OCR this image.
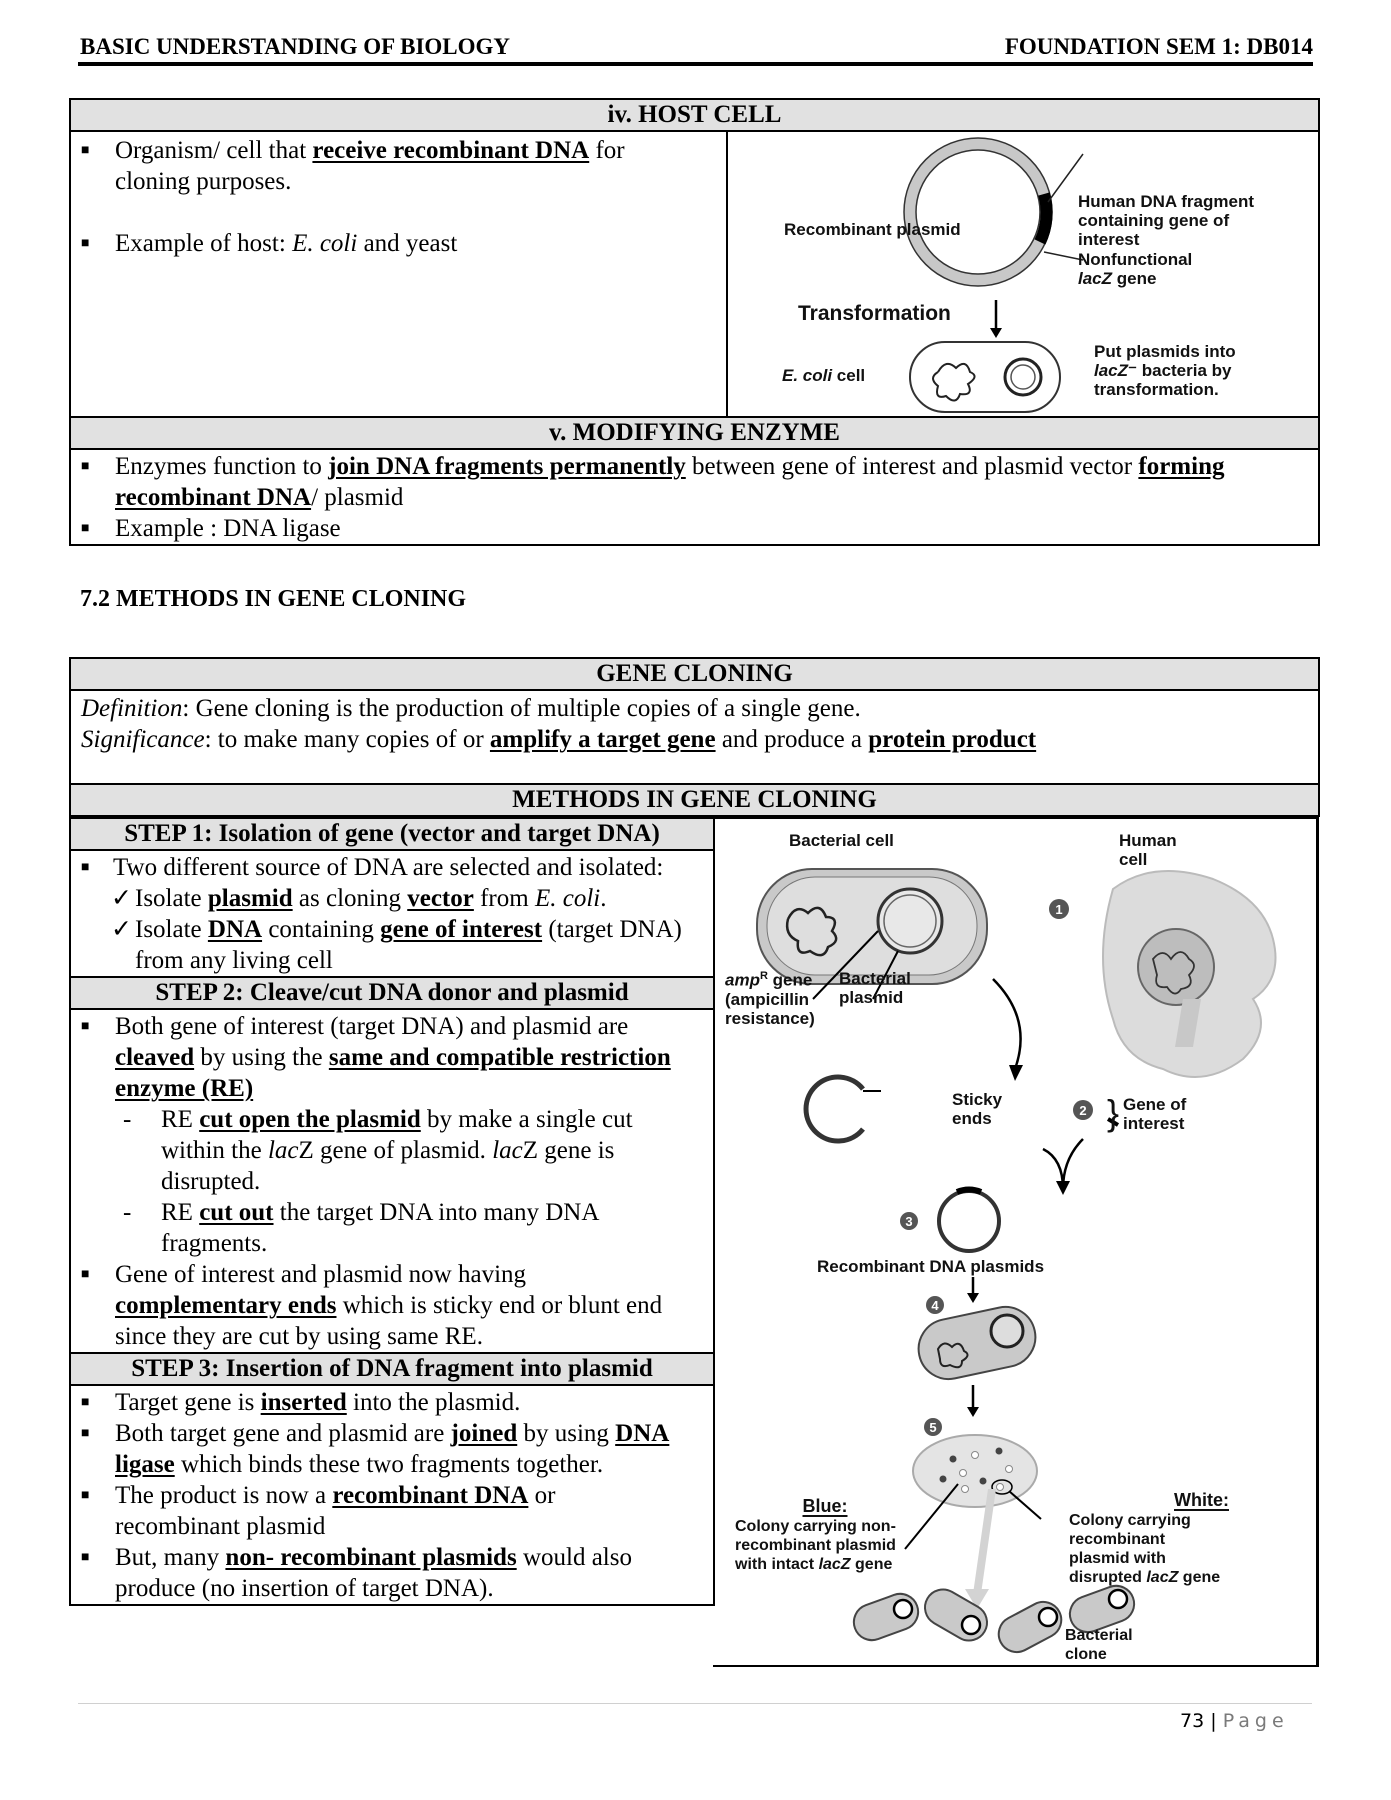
BASIC UNDERSTANDING OF BIOLOGY	FOUNDATION SEM 1: DB014
iv. HOST CELL

■	Organism/ cell that receive recombinant DNA for cloning purposes.
■	Example of host: E. coli and yeast

Recombinant plasmid
Human DNA fragment containing gene of interest
Nonfunctional
lacZ gene
Transformation
E. coli cell
Put plasmids into
lacZ⁻ bacteria by
transformation.

v. MODIFYING ENZYME

■	Enzymes function to join DNA fragments permanently between gene of interest and plasmid vector forming recombinant DNA/ plasmid
■	Example : DNA ligase
7.2 METHODS IN GENE CLONING
GENE CLONING

Definition: Gene cloning is the production of multiple copies of a single gene.
Significance: to make many copies of or amplify a target gene and produce a protein product

METHODS IN GENE CLONING
STEP 1: Isolation of gene (vector and target DNA)

■ Two different source of DNA are selected and isolated:
✓ Isolate plasmid as cloning vector from E. coli.
✓ Isolate DNA containing gene of interest (target DNA) from any living cell

STEP 2: Cleave/cut DNA donor and plasmid

■	Both gene of interest (target DNA) and plasmid are cleaved by using the same and compatible restriction enzyme (RE)
-	RE cut open the plasmid by make a single cut within the lacZ gene of plasmid. lacZ gene is disrupted.
-	RE cut out the target DNA into many DNA fragments.
■	Gene of interest and plasmid now having complementary ends which is sticky end or blunt end since they are cut by using same RE.

STEP 3: Insertion of DNA fragment into plasmid

■	Target gene is inserted into the plasmid.
■	Both target gene and plasmid are joined by using DNA ligase which binds these two fragments together.
■	The product is now a recombinant DNA or recombinant plasmid
■	But, many non- recombinant plasmids would also produce (no insertion of target DNA).
1
2
3
4
5
Bacterial cell	Human cell
amp$^R$ gene (ampicillin resistance)
Bacterial plasmid
Sticky ends	} Gene of interest
Recombinant DNA plasmids
Blue:
Colony carrying non-
recombinant plasmid
with intact lacZ gene
White:
Colony carrying
recombinant
plasmid with
disrupted lacZ gene
Bacterial clone
73 | Page
